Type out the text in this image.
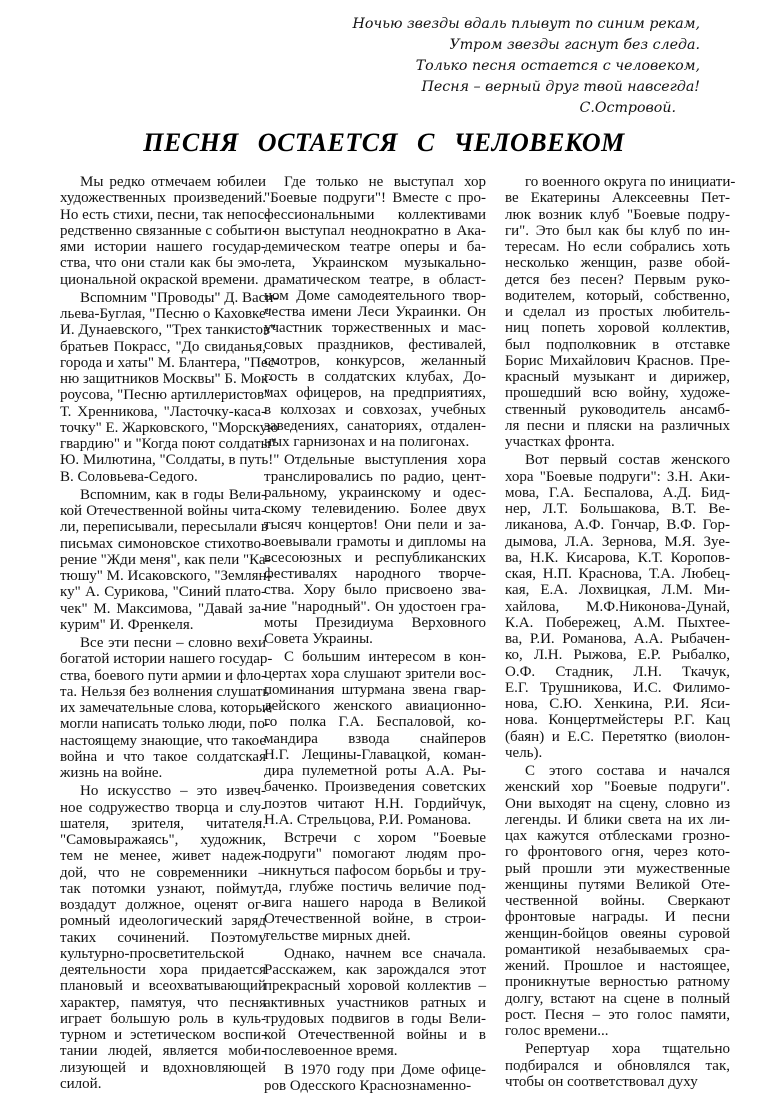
Ночью звезды вдаль плывут по синим рекам,
Утром звезды гаснут без следа.
Только песня остается с человеком,
Песня – верный друг твой навсегда!
С.Островой.
ПЕСНЯ ОСТАЕТСЯ С ЧЕЛОВЕКОМ
Мы редко отмечаем юбилеи
художественных произведений.
Но есть стихи, песни, так непос-
редственно связанные с событи-
ями истории нашего государ-
ства, что они стали как бы эмо-
циональной окраской времени.
Вспомним "Проводы" Д. Васи-
льева-Буглая, "Песню о Каховке"
И. Дунаевского, "Трех танкистов"
братьев Покрасс, "До свиданья,
города и хаты" М. Блантера, "Пес-
ню защитников Москвы" Б. Мок-
роусова, "Песню артиллеристов"
Т. Хренникова, "Ласточку-каса-
точку" Е. Жарковского, "Морскую
гвардию" и "Когда поют солдаты"
Ю. Милютина, "Солдаты, в путь!"
В. Соловьева-Седого.
Вспомним, как в годы Вели-
кой Отечественной войны чита-
ли, переписывали, пересылали в
письмах симоновское стихотво-
рение "Жди меня", как пели "Ка-
тюшу" М. Исаковского, "Землян-
ку" А. Сурикова, "Синий плато-
чек" М. Максимова, "Давай за-
курим" И. Френкеля.
Все эти песни – словно вехи
богатой истории нашего государ-
ства, боевого пути армии и фло-
та. Нельзя без волнения слушать
их замечательные слова, которые
могли написать только люди, по-
настоящему знающие, что такое
война и что такое солдатская
жизнь на войне.
Но искусство – это извеч-
ное содружество творца и слу-
шателя, зрителя, читателя.
"Самовыражаясь", художник,
тем не менее, живет надеж-
дой, что не современники –
так потомки узнают, поймут,
воздадут должное, оценят ог-
ромный идеологический заряд
таких сочинений. Поэтому
культурно-просветительской
деятельности хора придается
плановый и всеохватывающий
характер, памятуя, что песня
играет большую роль в куль-
турном и эстетическом воспи-
тании людей, является моби-
лизующей и вдохновляющей
силой.
Где только не выступал хор
"Боевые подруги"! Вместе с про-
фессиональными коллективами
он выступал неоднократно в Ака-
демическом театре оперы и ба-
лета, Украинском музыкально-
драматическом театре, в област-
ном Доме самодеятельного твор-
чества имени Леси Украинки. Он
участник торжественных и мас-
совых праздников, фестивалей,
смотров, конкурсов, желанный
гость в солдатских клубах, До-
мах офицеров, на предприятиях,
в колхозах и совхозах, учебных
заведениях, санаториях, отдален-
ных гарнизонах и на полигонах.
Отдельные выступления хора
транслировались по радио, цент-
ральному, украинскому и одес-
скому телевидению. Более двух
тысяч концертов! Они пели и за-
воевывали грамоты и дипломы на
всесоюзных и республиканских
фестивалях народного творче-
ства. Хору было присвоено зва-
ние "народный". Он удостоен гра-
моты Президиума Верховного
Совета Украины.
С большим интересом в кон-
цертах хора слушают зрители вос-
поминания штурмана звена гвар-
дейского женского авиационно-
го полка Г.А. Беспаловой, ко-
мандира взвода снайперов
Н.Г. Лещины-Главацкой, коман-
дира пулеметной роты А.А. Ры-
баченко. Произведения советских
поэтов читают Н.Н. Гордийчук,
Н.А. Стрельцова, Р.И. Романова.
Встречи с хором "Боевые
подруги" помогают людям про-
никнуться пафосом борьбы и тру-
да, глубже постичь величие под-
вига нашего народа в Великой
Отечественной войне, в строи-
тельстве мирных дней.
Однако, начнем все сначала.
Расскажем, как зарождался этот
прекрасный хоровой коллектив –
активных участников ратных и
трудовых подвигов в годы Вели-
кой Отечественной войны и в
послевоенное время.
В 1970 году при Доме офице-
ров Одесского Краснознаменно-
го военного округа по инициати-
ве Екатерины Алексеевны Пет-
люк возник клуб "Боевые подру-
ги". Это был как бы клуб по ин-
тересам. Но если собрались хоть
несколько женщин, разве обой-
дется без песен? Первым руко-
водителем, который, собственно,
и сделал из простых любитель-
ниц попеть хоровой коллектив,
был подполковник в отставке
Борис Михайлович Краснов. Пре-
красный музыкант и дирижер,
прошедший всю войну, художе-
ственный руководитель ансамб-
ля песни и пляски на различных
участках фронта.
Вот первый состав женского
хора "Боевые подруги": З.Н. Аки-
мова, Г.А. Беспалова, А.Д. Бид-
нер, Л.Т. Большакова, В.Т. Ве-
ликанова, А.Ф. Гончар, В.Ф. Гор-
дымова, Л.А. Зернова, М.Я. Зуе-
ва, Н.К. Кисарова, К.Т. Коропов-
ская, Н.П. Краснова, Т.А. Любец-
кая, Е.А. Лохвицкая, Л.М. Ми-
хайлова, М.Ф.Никонова-Дунай,
К.А. Побережец, А.М. Пыхтее-
ва, Р.И. Романова, А.А. Рыбачен-
ко, Л.Н. Рыжова, Е.Р. Рыбалко,
О.Ф. Стадник, Л.Н. Ткачук,
Е.Г. Трушникова, И.С. Филимо-
нова, С.Ю. Хенкина, Р.И. Яси-
нова. Концертмейстеры Р.Г. Кац
(баян) и Е.С. Перетятко (виолон-
чель).
С этого состава и начался
женский хор "Боевые подруги".
Они выходят на сцену, словно из
легенды. И блики света на их ли-
цах кажутся отблесками грозно-
го фронтового огня, через кото-
рый прошли эти мужественные
женщины путями Великой Оте-
чественной войны. Сверкают
фронтовые награды. И песни
женщин-бойцов овеяны суровой
романтикой незабываемых сра-
жений. Прошлое и настоящее,
проникнутые верностью ратному
долгу, встают на сцене в полный
рост. Песня – это голос памяти,
голос времени...
Репертуар хора тщательно
подбирался и обновлялся так,
чтобы он соответствовал духу
